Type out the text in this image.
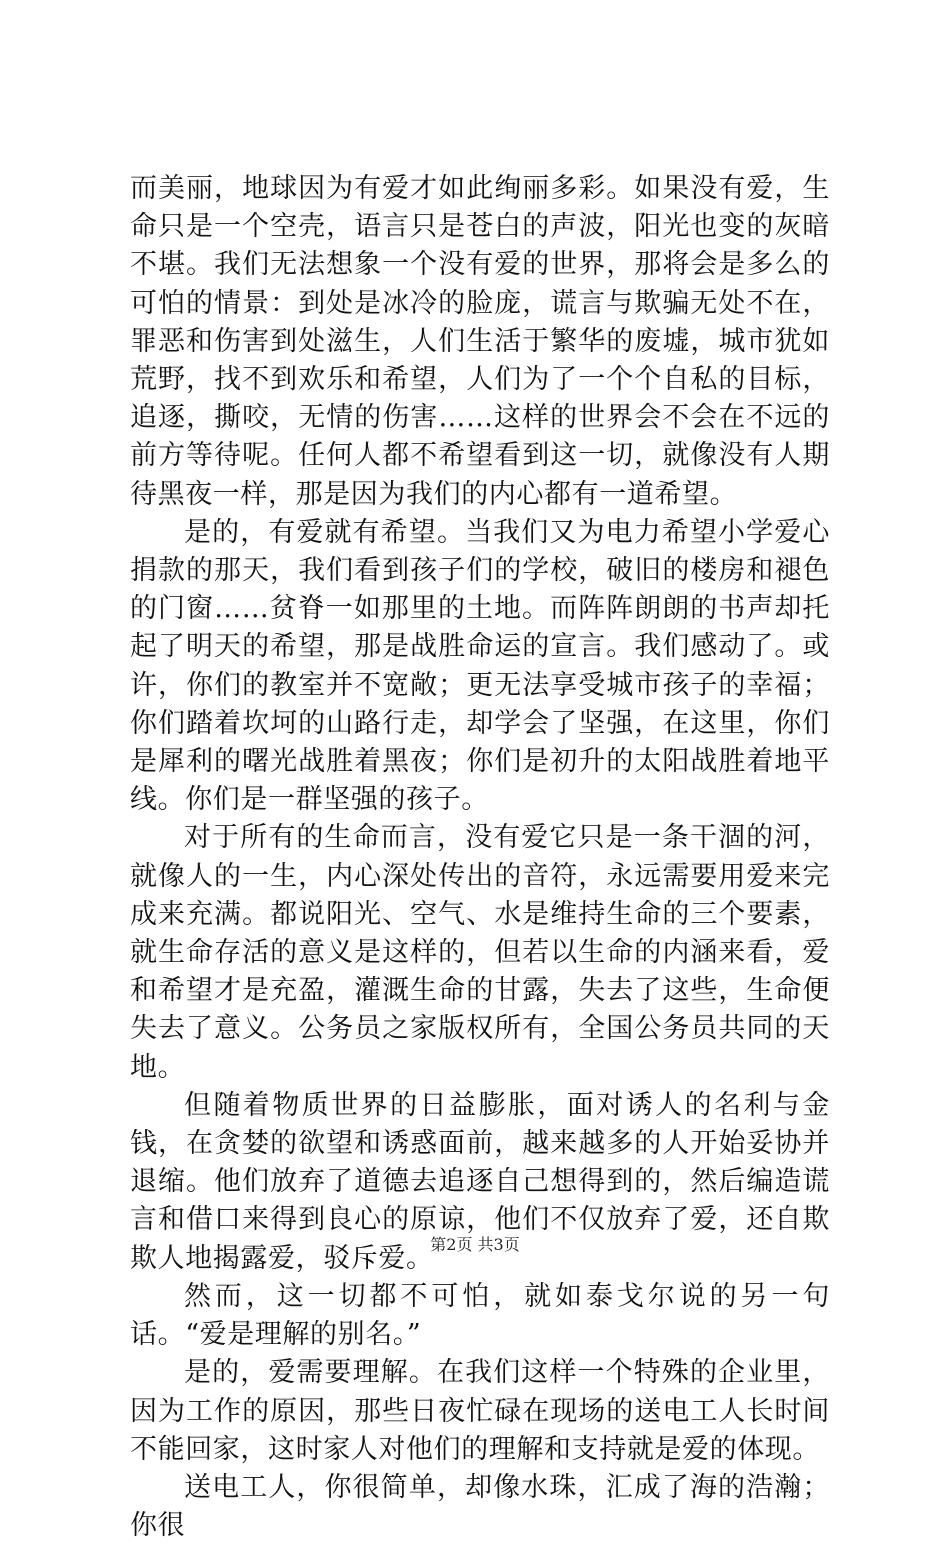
而美丽，地球因为有爱才如此绚丽多彩。如果没有爱，生命只是一个空壳，语言只是苍白的声波，阳光也变的灰暗不堪。我们无法想象一个没有爱的世界，那将会是多么的可怕的情景：到处是冰冷的脸庞，谎言与欺骗无处不在，罪恶和伤害到处滋生，人们生活于繁华的废墟，城市犹如荒野，找不到欢乐和希望，人们为了一个个自私的目标，追逐，撕咬，无情的伤害……这样的世界会不会在不远的前方等待呢。任何人都不希望看到这一切，就像没有人期待黑夜一样，那是因为我们的内心都有一道希望。

是的，有爱就有希望。当我们又为电力希望小学爱心捐款的那天，我们看到孩子们的学校，破旧的楼房和褪色的门窗……贫脊一如那里的土地。而阵阵朗朗的书声却托起了明天的希望，那是战胜命运的宣言。我们感动了。或许，你们的教室并不宽敞；更无法享受城市孩子的幸福；你们踏着坎坷的山路行走，却学会了坚强，在这里，你们是犀利的曙光战胜着黑夜；你们是初升的太阳战胜着地平线。你们是一群坚强的孩子。

对于所有的生命而言，没有爱它只是一条干涸的河，就像人的一生，内心深处传出的音符，永远需要用爱来完成来充满。都说阳光、空气、水是维持生命的三个要素，就生命存活的意义是这样的，但若以生命的内涵来看，爱和希望才是充盈，灌溉生命的甘露，失去了这些，生命便失去了意义。公务员之家版权所有，全国公务员共同的天地。

但随着物质世界的日益膨胀，面对诱人的名利与金钱，在贪婪的欲望和诱惑面前，越来越多的人开始妥协并退缩。他们放弃了道德去追逐自己想得到的，然后编造谎言和借口来得到良心的原谅，他们不仅放弃了爱，还自欺欺人地揭露爱，驳斥爱。

然而，这一切都不可怕，就如泰戈尔说的另一句话。“爱是理解的别名。”

是的，爱需要理解。在我们这样一个特殊的企业里，因为工作的原因，那些日夜忙碌在现场的送电工人长时间不能回家，这时家人对他们的理解和支持就是爱的体现。

送电工人，你很简单，却像水珠，汇成了海的浩瀚；你很

第2页 共3页
